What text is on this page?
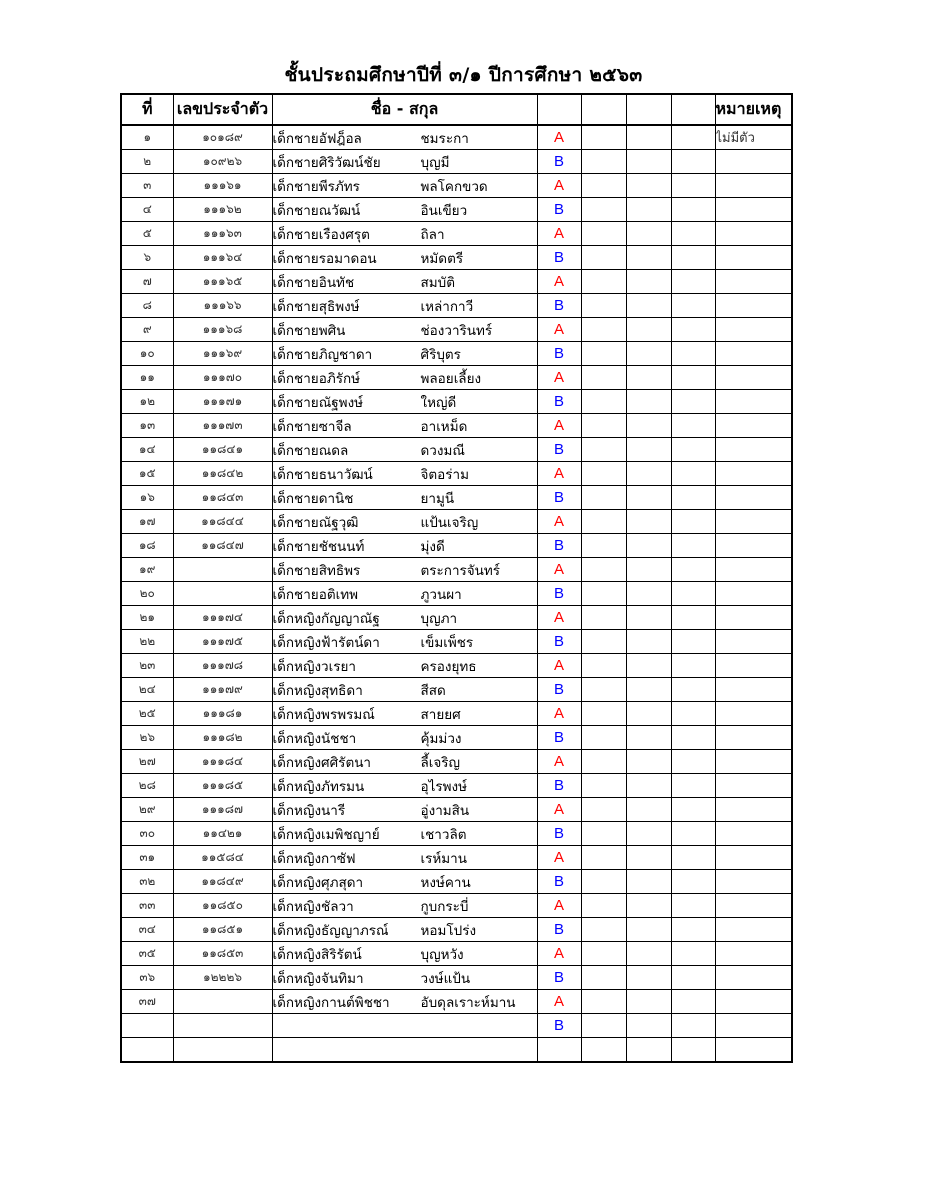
ชั้นประถมศึกษาปีที่ ๓/๑ ปีการศึกษา ๒๕๖๓
ที่	เลขประจำตัว	ชื่อ - สกุล					หมายเหตุ
๑	๑๐๑๘๙	เด็กชายอัฟฎ็อล ชมระกา	A				ไม่มีตัว
๒	๑๐๙๒๖	เด็กชายศิริวัฒน์ชัย บุญมี	B				
๓	๑๑๑๖๑	เด็กชายพีรภัทร พลโคกขวด	A				
๔	๑๑๑๖๒	เด็กชายณวัฒน์ อินเขียว	B				
๕	๑๑๑๖๓	เด็กชายเรืองศรุต ถิลา	A				
๖	๑๑๑๖๔	เด็กชายรอมาดอน หมัดตรี	B				
๗	๑๑๑๖๕	เด็กชายอินทัช สมบัติ	A				
๘	๑๑๑๖๖	เด็กชายสุธิพงษ์ เหล่ากาวี	B				
๙	๑๑๑๖๘	เด็กชายพศิน ช่องวารินทร์	A				
๑๐	๑๑๑๖๙	เด็กชายภิญชาดา ศิริบุตร	B				
๑๑	๑๑๑๗๐	เด็กชายอภิรักษ์ พลอยเลี้ยง	A				
๑๒	๑๑๑๗๑	เด็กชายณัฐพงษ์ ใหญ่ดี	B				
๑๓	๑๑๑๗๓	เด็กชายซาจีล อาเหม็ด	A				
๑๔	๑๑๘๔๑	เด็กชายณดล ดวงมณี	B				
๑๕	๑๑๘๔๒	เด็กชายธนาวัฒน์ จิตอร่าม	A				
๑๖	๑๑๘๔๓	เด็กชายดานิช ยามูนี	B				
๑๗	๑๑๘๔๔	เด็กชายณัฐวุฒิ แป้นเจริญ	A				
๑๘	๑๑๘๔๗	เด็กชายชัชนนท์ มุ่งดี	B				
๑๙		เด็กชายสิทธิพร ตระการจันทร์	A				
๒๐		เด็กชายอติเทพ ภูวนผา	B				
๒๑	๑๑๑๗๔	เด็กหญิงกัญญาณัฐ บุญภา	A				
๒๒	๑๑๑๗๕	เด็กหญิงฟ้ารัตน์ดา เข็มเพ็ชร	B				
๒๓	๑๑๑๗๘	เด็กหญิงวเรยา ครองยุทธ	A				
๒๔	๑๑๑๗๙	เด็กหญิงสุทธิดา สีสด	B				
๒๕	๑๑๑๘๑	เด็กหญิงพรพรมณ์ สายยศ	A				
๒๖	๑๑๑๘๒	เด็กหญิงนัชชา คุ้มม่วง	B				
๒๗	๑๑๑๘๔	เด็กหญิงศศิรัตนา ลี้เจริญ	A				
๒๘	๑๑๑๘๕	เด็กหญิงภัทรมน อุไรพงษ์	B				
๒๙	๑๑๑๘๗	เด็กหญิงนารี อู่งามสิน	A				
๓๐	๑๑๔๒๑	เด็กหญิงเมพิชญาย์ เชาวลิต	B				
๓๑	๑๑๕๘๔	เด็กหญิงกาซัฟ เรห์มาน	A				
๓๒	๑๑๘๔๙	เด็กหญิงศุภสุดา หงษ์คาน	B				
๓๓	๑๑๘๕๐	เด็กหญิงชัลวา กูบกระบี่	A				
๓๔	๑๑๘๕๑	เด็กหญิงธัญญาภรณ์ หอมโปร่ง	B				
๓๕	๑๑๘๕๓	เด็กหญิงสิริรัตน์ บุญหวัง	A				
๓๖	๑๒๒๒๖	เด็กหญิงจันทิมา วงษ์แป้น	B				
๓๗		เด็กหญิงกานต์พิชชา อับดุลเราะห์มาน	A				
			B				
